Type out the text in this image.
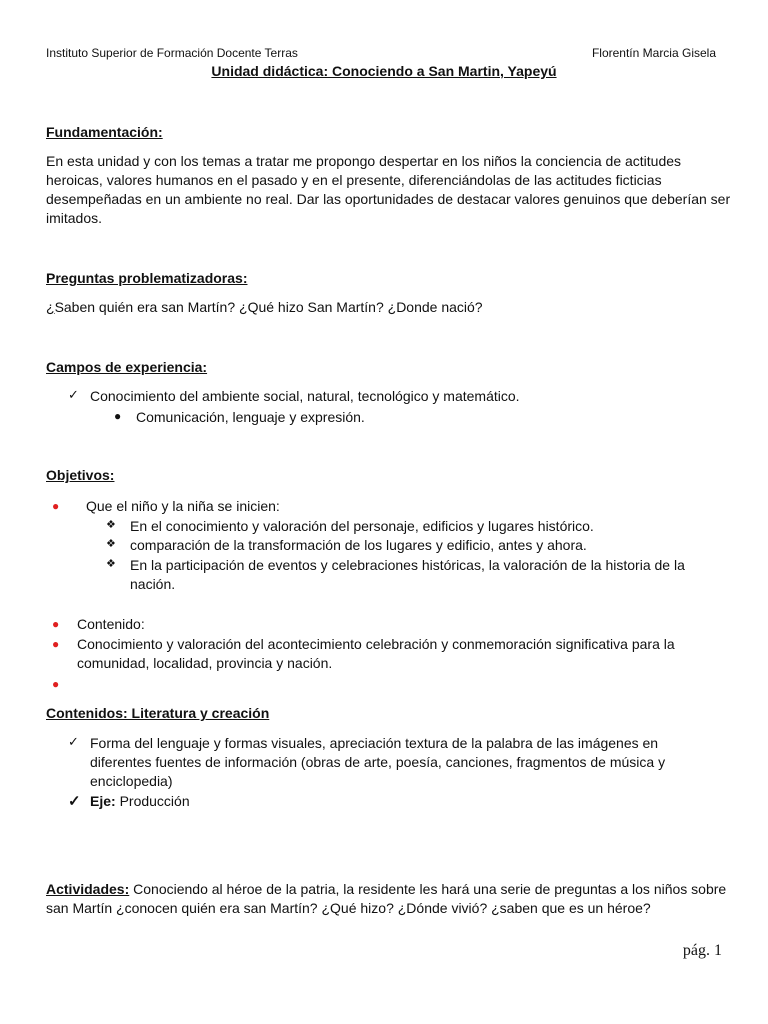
Instituto Superior de Formación Docente Terras	Florentín Marcia Gisela
Unidad didáctica: Conociendo a San Martin, Yapeyú
Fundamentación:
En esta unidad y con los temas a tratar me propongo despertar en los niños la conciencia de actitudes heroicas, valores humanos en el pasado y en el presente, diferenciándolas de las actitudes ficticias desempeñadas en un ambiente no real. Dar las oportunidades de destacar valores genuinos que deberían ser imitados.
Preguntas problematizadoras:
¿Saben quién era san Martín? ¿Qué hizo San Martín? ¿Donde nació?
Campos de experiencia:
✓ Conocimiento del ambiente social, natural, tecnológico y matemático.
● Comunicación, lenguaje y expresión.
Objetivos:
● Que el niño y la niña se inicien:
❖ En el conocimiento y valoración del personaje, edificios y lugares histórico.
❖ comparación de la transformación de los lugares y edificio, antes y ahora.
❖ En la participación de eventos y celebraciones históricas, la valoración de la historia de la nación.
● Contenido:
● Conocimiento y valoración del acontecimiento celebración y conmemoración significativa para la comunidad, localidad, provincia y nación.
●
Contenidos: Literatura y creación
✓ Forma del lenguaje y formas visuales, apreciación textura de la palabra de las imágenes en diferentes fuentes de información (obras de arte, poesía, canciones, fragmentos de música y enciclopedia)
✓ Eje: Producción
Actividades: Conociendo al héroe de la patria, la residente les hará una serie de preguntas a los niños sobre san Martín ¿conocen quién era san Martín? ¿Qué hizo? ¿Dónde vivió? ¿saben que es un héroe?
pág. 1
